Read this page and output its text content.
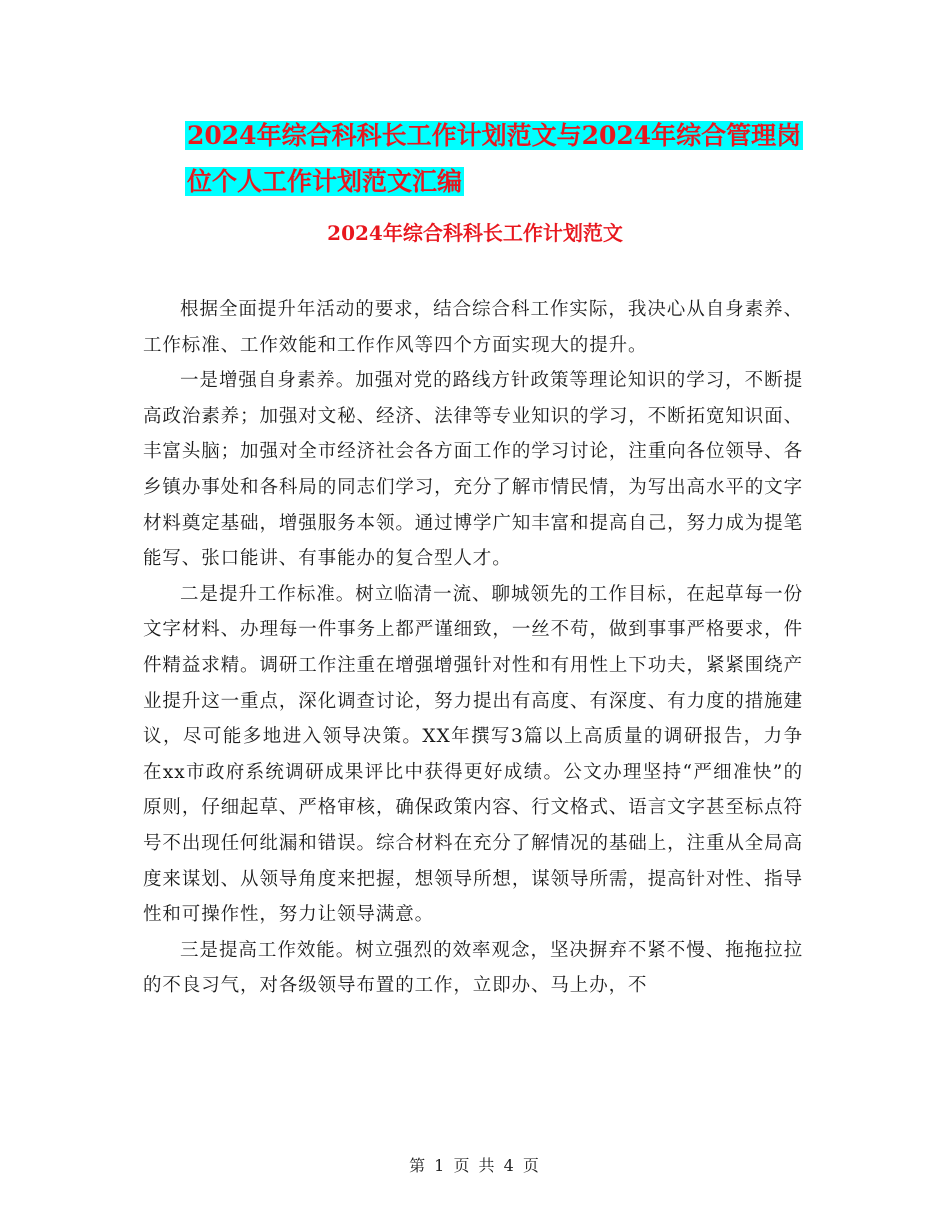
2024年综合科科长工作计划范文与2024年综合管理岗
位个人工作计划范文汇编
2024年综合科科长工作计划范文

根据全面提升年活动的要求，结合综合科工作实际，我决心从自身素养、工作标准、工作效能和工作作风等四个方面实现大的提升。

一是增强自身素养。加强对党的路线方针政策等理论知识的学习，不断提高政治素养；加强对文秘、经济、法律等专业知识的学习，不断拓宽知识面、丰富头脑；加强对全市经济社会各方面工作的学习讨论，注重向各位领导、各乡镇办事处和各科局的同志们学习，充分了解市情民情，为写出高水平的文字材料奠定基础，增强服务本领。通过博学广知丰富和提高自己，努力成为提笔能写、张口能讲、有事能办的复合型人才。

二是提升工作标准。树立临清一流、聊城领先的工作目标，在起草每一份文字材料、办理每一件事务上都严谨细致，一丝不苟，做到事事严格要求，件件精益求精。调研工作注重在增强增强针对性和有用性上下功夫，紧紧围绕产业提升这一重点，深化调查讨论，努力提出有高度、有深度、有力度的措施建议，尽可能多地进入领导决策。XX年撰写3篇以上高质量的调研报告，力争在xx市政府系统调研成果评比中获得更好成绩。公文办理坚持“严细准快”的原则，仔细起草、严格审核，确保政策内容、行文格式、语言文字甚至标点符号不出现任何纰漏和错误。综合材料在充分了解情况的基础上，注重从全局高度来谋划、从领导角度来把握，想领导所想，谋领导所需，提高针对性、指导性和可操作性，努力让领导满意。

三是提高工作效能。树立强烈的效率观念，坚决摒弃不紧不慢、拖拖拉拉的不良习气，对各级领导布置的工作，立即办、马上办，不

第 1 页 共 4 页
